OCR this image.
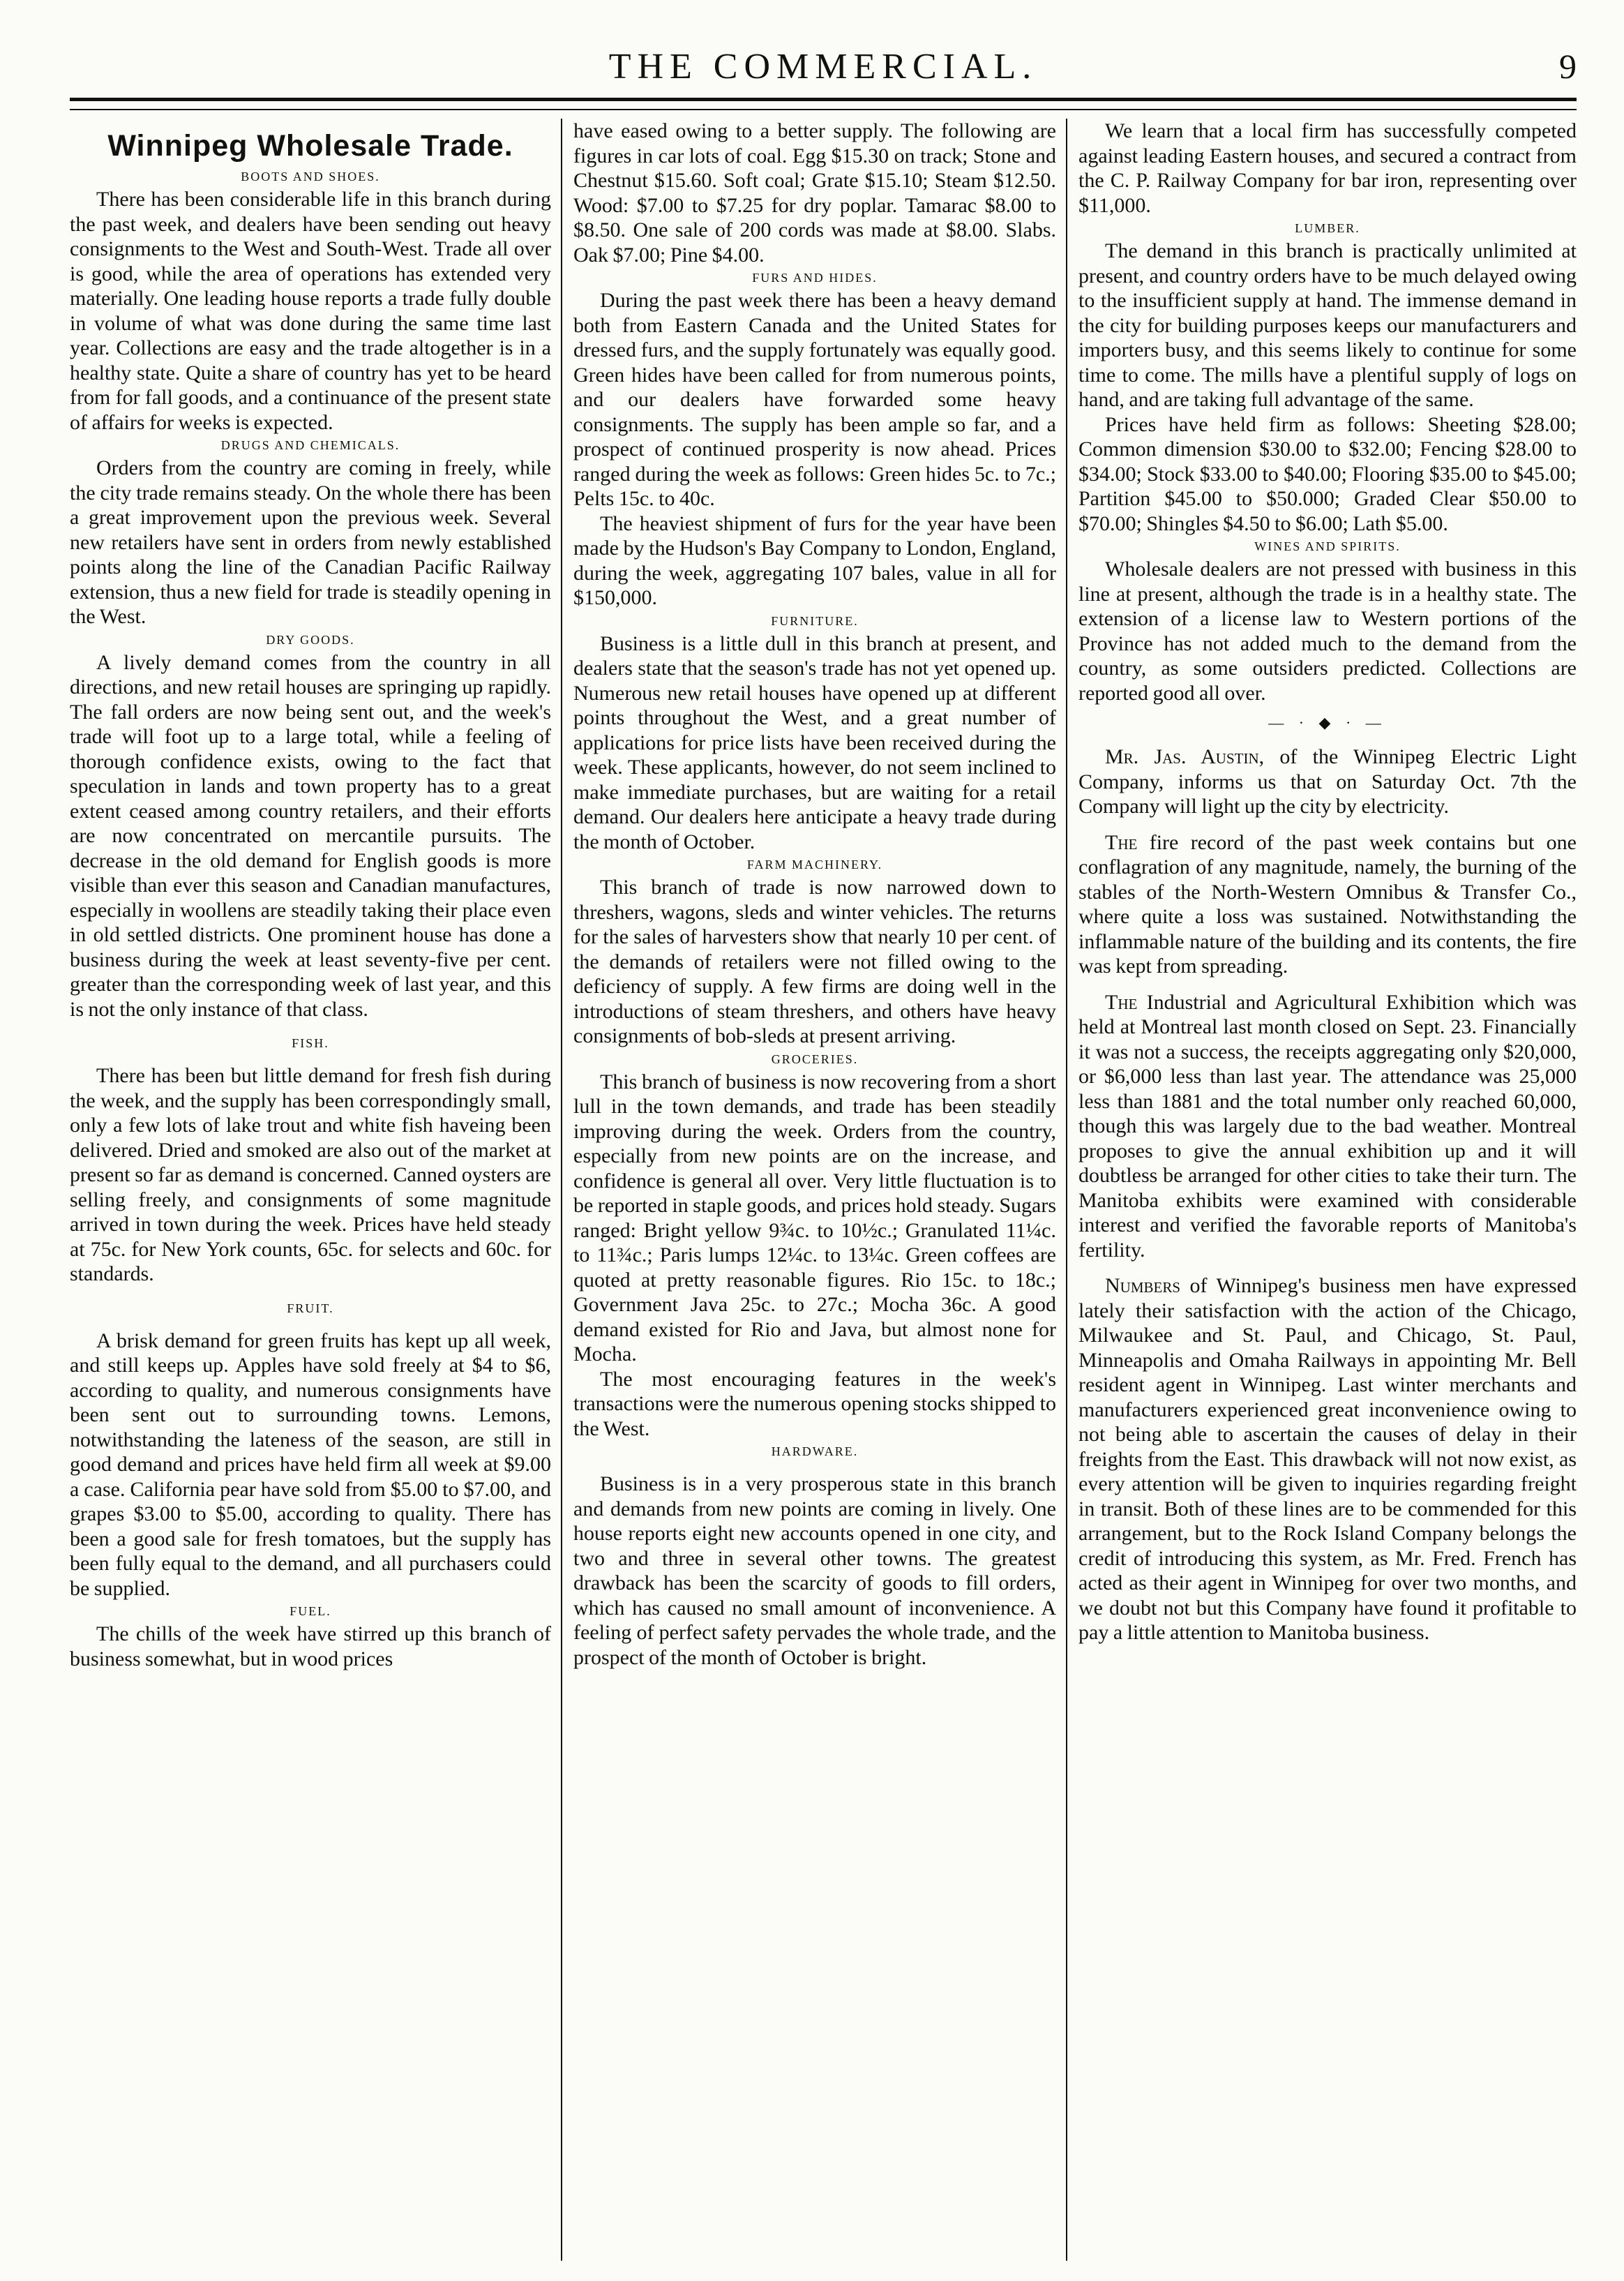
THE COMMERCIAL.	9
Winnipeg Wholesale Trade.
BOOTS AND SHOES.

There has been considerable life in this branch during the past week, and dealers have been sending out heavy consignments to the West and South-West. Trade all over is good, while the area of operations has extended very materially. One leading house reports a trade fully double in volume of what was done during the same time last year. Collections are easy and the trade altogether is in a healthy state. Quite a share of country has yet to be heard from for fall goods, and a continuance of the present state of affairs for weeks is expected.

DRUGS AND CHEMICALS.

Orders from the country are coming in freely, while the city trade remains steady. On the whole there has been a great improvement upon the previous week. Several new retailers have sent in orders from newly established points along the line of the Canadian Pacific Railway extension, thus a new field for trade is steadily opening in the West.

DRY GOODS.

A lively demand comes from the country in all directions, and new retail houses are springing up rapidly. The fall orders are now being sent out, and the week's trade will foot up to a large total, while a feeling of thorough confidence exists, owing to the fact that speculation in lands and town property has to a great extent ceased among country retailers, and their efforts are now concentrated on mercantile pursuits. The decrease in the old demand for English goods is more visible than ever this season and Canadian manufactures, especially in woollens are steadily taking their place even in old settled districts. One prominent house has done a business during the week at least seventy-five per cent. greater than the corresponding week of last year, and this is not the only instance of that class.

FISH.

There has been but little demand for fresh fish during the week, and the supply has been correspondingly small, only a few lots of lake trout and white fish haveing been delivered. Dried and smoked are also out of the market at present so far as demand is concerned. Canned oysters are selling freely, and consignments of some magnitude arrived in town during the week. Prices have held steady at 75c. for New York counts, 65c. for selects and 60c. for standards.

FRUIT.

A brisk demand for green fruits has kept up all week, and still keeps up. Apples have sold freely at $4 to $6, according to quality, and numerous consignments have been sent out to surrounding towns. Lemons, notwithstanding the lateness of the season, are still in good demand and prices have held firm all week at $9.00 a case. California pear have sold from $5.00 to $7.00, and grapes $3.00 to $5.00, according to quality. There has been a good sale for fresh tomatoes, but the supply has been fully equal to the demand, and all purchasers could be supplied.

FUEL.

The chills of the week have stirred up this branch of business somewhat, but in wood prices

have eased owing to a better supply. The following are figures in car lots of coal. Egg $15.30 on track; Stone and Chestnut $15.60. Soft coal; Grate $15.10; Steam $12.50. Wood: $7.00 to $7.25 for dry poplar. Tamarac $8.00 to $8.50. One sale of 200 cords was made at $8.00. Slabs. Oak $7.00; Pine $4.00.

FURS AND HIDES.

During the past week there has been a heavy demand both from Eastern Canada and the United States for dressed furs, and the supply fortunately was equally good. Green hides have been called for from numerous points, and our dealers have forwarded some heavy consignments. The supply has been ample so far, and a prospect of continued prosperity is now ahead. Prices ranged during the week as follows: Green hides 5c. to 7c.; Pelts 15c. to 40c.

The heaviest shipment of furs for the year have been made by the Hudson's Bay Company to London, England, during the week, aggregating 107 bales, value in all for $150,000.

FURNITURE.

Business is a little dull in this branch at present, and dealers state that the season's trade has not yet opened up. Numerous new retail houses have opened up at different points throughout the West, and a great number of applications for price lists have been received during the week. These applicants, however, do not seem inclined to make immediate purchases, but are waiting for a retail demand. Our dealers here anticipate a heavy trade during the month of October.

FARM MACHINERY.

This branch of trade is now narrowed down to threshers, wagons, sleds and winter vehicles. The returns for the sales of harvesters show that nearly 10 per cent. of the demands of retailers were not filled owing to the deficiency of supply. A few firms are doing well in the introductions of steam threshers, and others have heavy consignments of bob-sleds at present arriving.

GROCERIES.

This branch of business is now recovering from a short lull in the town demands, and trade has been steadily improving during the week. Orders from the country, especially from new points are on the increase, and confidence is general all over. Very little fluctuation is to be reported in staple goods, and prices hold steady. Sugars ranged: Bright yellow 9¾c. to 10½c.; Granulated 11¼c. to 11¾c.; Paris lumps 12¼c. to 13¼c. Green coffees are quoted at pretty reasonable figures. Rio 15c. to 18c.; Government Java 25c. to 27c.; Mocha 36c. A good demand existed for Rio and Java, but almost none for Mocha.

The most encouraging features in the week's transactions were the numerous opening stocks shipped to the West.

HARDWARE.

Business is in a very prosperous state in this branch and demands from new points are coming in lively. One house reports eight new accounts opened in one city, and two and three in several other towns. The greatest drawback has been the scarcity of goods to fill orders, which has caused no small amount of inconvenience. A feeling of perfect safety pervades the whole trade, and the prospect of the month of October is bright.

We learn that a local firm has successfully competed against leading Eastern houses, and secured a contract from the C. P. Railway Company for bar iron, representing over $11,000.

LUMBER.

The demand in this branch is practically unlimited at present, and country orders have to be much delayed owing to the insufficient supply at hand. The immense demand in the city for building purposes keeps our manufacturers and importers busy, and this seems likely to continue for some time to come. The mills have a plentiful supply of logs on hand, and are taking full advantage of the same.

Prices have held firm as follows: Sheeting $28.00; Common dimension $30.00 to $32.00; Fencing $28.00 to $34.00; Stock $33.00 to $40.00; Flooring $35.00 to $45.00; Partition $45.00 to $50.000; Graded Clear $50.00 to $70.00; Shingles $4.50 to $6.00; Lath $5.00.

WINES AND SPIRITS.

Wholesale dealers are not pressed with business in this line at present, although the trade is in a healthy state. The extension of a license law to Western portions of the Province has not added much to the demand from the country, as some outsiders predicted. Collections are reported good all over.

— · ◆ · —

Mr. Jas. Austin, of the Winnipeg Electric Light Company, informs us that on Saturday Oct. 7th the Company will light up the city by electricity.

The fire record of the past week contains but one conflagration of any magnitude, namely, the burning of the stables of the North-Western Omnibus & Transfer Co., where quite a loss was sustained. Notwithstanding the inflammable nature of the building and its contents, the fire was kept from spreading.

The Industrial and Agricultural Exhibition which was held at Montreal last month closed on Sept. 23. Financially it was not a success, the receipts aggregating only $20,000, or $6,000 less than last year. The attendance was 25,000 less than 1881 and the total number only reached 60,000, though this was largely due to the bad weather. Montreal proposes to give the annual exhibition up and it will doubtless be arranged for other cities to take their turn. The Manitoba exhibits were examined with considerable interest and verified the favorable reports of Manitoba's fertility.

Numbers of Winnipeg's business men have expressed lately their satisfaction with the action of the Chicago, Milwaukee and St. Paul, and Chicago, St. Paul, Minneapolis and Omaha Railways in appointing Mr. Bell resident agent in Winnipeg. Last winter merchants and manufacturers experienced great inconvenience owing to not being able to ascertain the causes of delay in their freights from the East. This drawback will not now exist, as every attention will be given to inquiries regarding freight in transit. Both of these lines are to be commended for this arrangement, but to the Rock Island Company belongs the credit of introducing this system, as Mr. Fred. French has acted as their agent in Winnipeg for over two months, and we doubt not but this Company have found it profitable to pay a little attention to Manitoba business.
